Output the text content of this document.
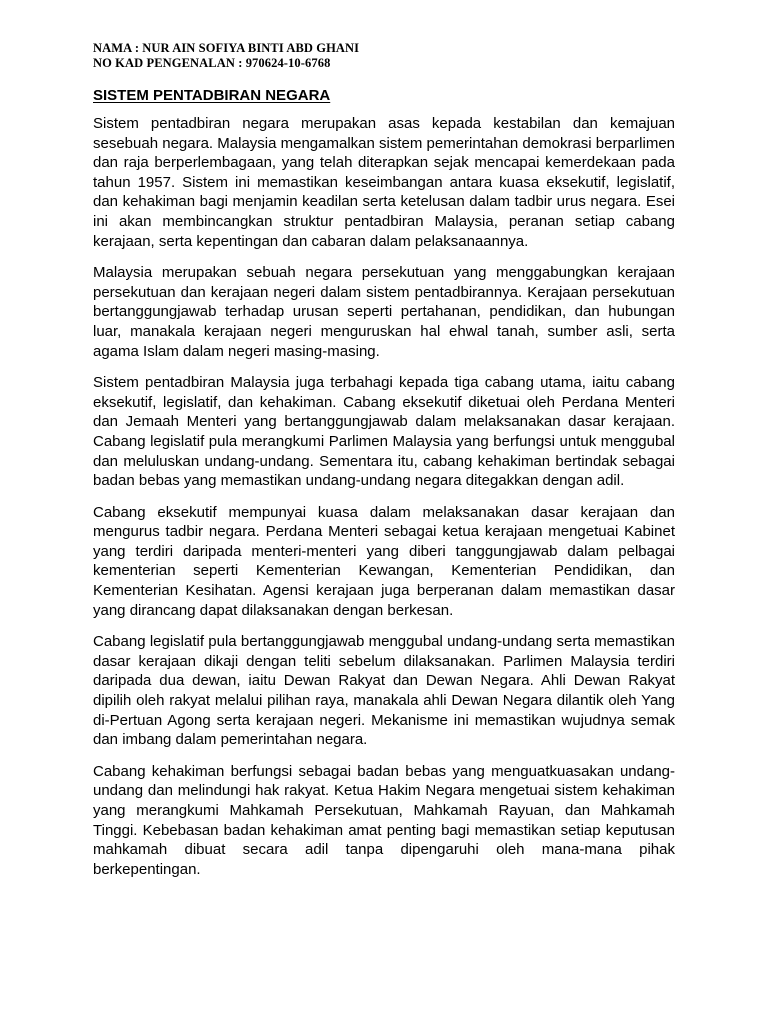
NAMA : NUR AIN SOFIYA BINTI ABD GHANI
NO KAD PENGENALAN : 970624-10-6768
SISTEM PENTADBIRAN NEGARA

Sistem pentadbiran negara merupakan asas kepada kestabilan dan kemajuan sesebuah negara. Malaysia mengamalkan sistem pemerintahan demokrasi berparlimen dan raja berperlembagaan, yang telah diterapkan sejak mencapai kemerdekaan pada tahun 1957. Sistem ini memastikan keseimbangan antara kuasa eksekutif, legislatif, dan kehakiman bagi menjamin keadilan serta ketelusan dalam tadbir urus negara. Esei ini akan membincangkan struktur pentadbiran Malaysia, peranan setiap cabang kerajaan, serta kepentingan dan cabaran dalam pelaksanaannya.

Malaysia merupakan sebuah negara persekutuan yang menggabungkan kerajaan persekutuan dan kerajaan negeri dalam sistem pentadbirannya. Kerajaan persekutuan bertanggungjawab terhadap urusan seperti pertahanan, pendidikan, dan hubungan luar, manakala kerajaan negeri menguruskan hal ehwal tanah, sumber asli, serta agama Islam dalam negeri masing-masing.

Sistem pentadbiran Malaysia juga terbahagi kepada tiga cabang utama, iaitu cabang eksekutif, legislatif, dan kehakiman. Cabang eksekutif diketuai oleh Perdana Menteri dan Jemaah Menteri yang bertanggungjawab dalam melaksanakan dasar kerajaan. Cabang legislatif pula merangkumi Parlimen Malaysia yang berfungsi untuk menggubal dan meluluskan undang-undang. Sementara itu, cabang kehakiman bertindak sebagai badan bebas yang memastikan undang-undang negara ditegakkan dengan adil.

Cabang eksekutif mempunyai kuasa dalam melaksanakan dasar kerajaan dan mengurus tadbir negara. Perdana Menteri sebagai ketua kerajaan mengetuai Kabinet yang terdiri daripada menteri-menteri yang diberi tanggungjawab dalam pelbagai kementerian seperti Kementerian Kewangan, Kementerian Pendidikan, dan Kementerian Kesihatan. Agensi kerajaan juga berperanan dalam memastikan dasar yang dirancang dapat dilaksanakan dengan berkesan.

Cabang legislatif pula bertanggungjawab menggubal undang-undang serta memastikan dasar kerajaan dikaji dengan teliti sebelum dilaksanakan. Parlimen Malaysia terdiri daripada dua dewan, iaitu Dewan Rakyat dan Dewan Negara. Ahli Dewan Rakyat dipilih oleh rakyat melalui pilihan raya, manakala ahli Dewan Negara dilantik oleh Yang di-Pertuan Agong serta kerajaan negeri. Mekanisme ini memastikan wujudnya semak dan imbang dalam pemerintahan negara.

Cabang kehakiman berfungsi sebagai badan bebas yang menguatkuasakan undang-undang dan melindungi hak rakyat. Ketua Hakim Negara mengetuai sistem kehakiman yang merangkumi Mahkamah Persekutuan, Mahkamah Rayuan, dan Mahkamah Tinggi. Kebebasan badan kehakiman amat penting bagi memastikan setiap keputusan mahkamah dibuat secara adil tanpa dipengaruhi oleh mana-mana pihak berkepentingan.
